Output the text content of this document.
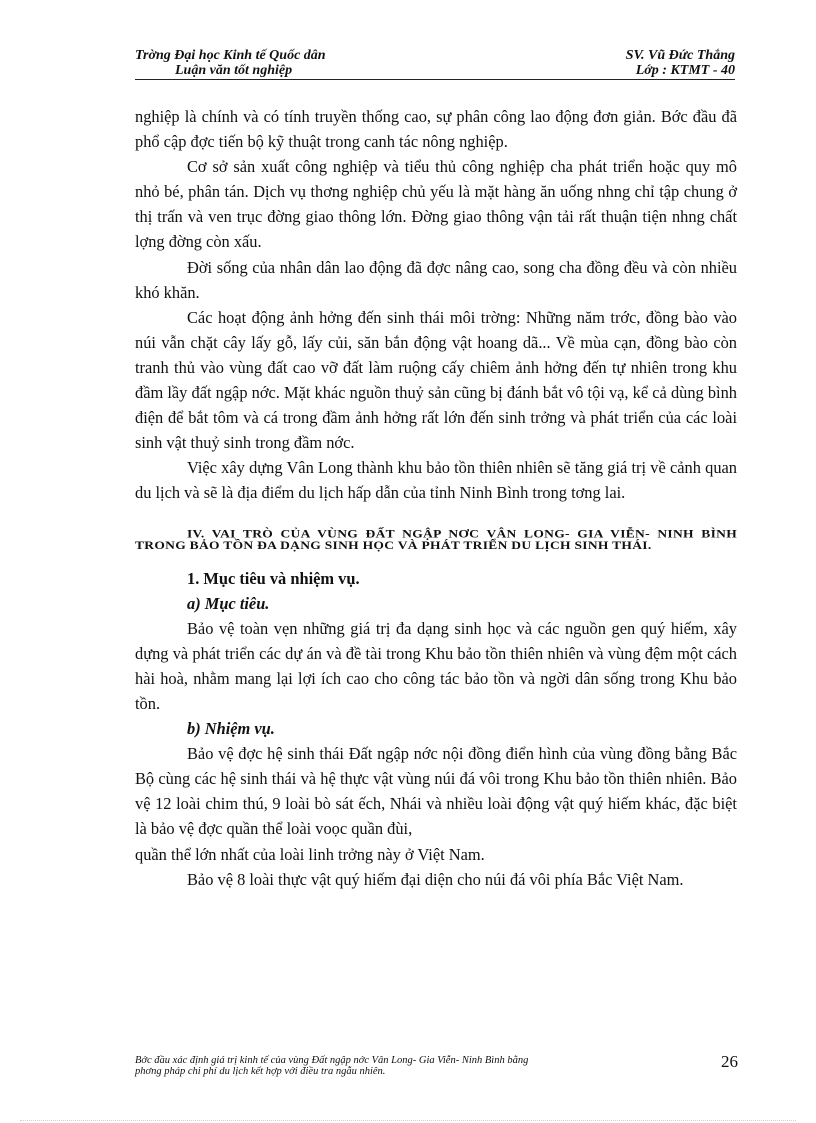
Trờng Đại học Kinh tế Quốc dân
Luận văn tốt nghiệp
SV. Vũ Đức Thắng
Lớp : KTMT - 40

nghiệp là chính và có tính truyền thống cao, sự phân công lao động đơn giản. Bớc đầu đã phổ cập đợc tiến bộ kỹ thuật trong canh tác nông nghiệp.

Cơ sở sản xuất công nghiệp và tiểu thủ công nghiệp cha phát triển hoặc quy mô nhỏ bé, phân tán. Dịch vụ thơng nghiệp chủ yếu là mặt hàng ăn uống nhng chỉ tập chung ở thị trấn và ven trục đờng giao thông lớn. Đờng giao thông vận tải rất thuận tiện nhng chất lợng đờng còn xấu.

Đời sống của nhân dân lao động đã đợc nâng cao, song cha đồng đều và còn nhiều khó khăn.

Các hoạt động ảnh hởng đến sinh thái môi trờng: Những năm trớc, đồng bào vào núi vẫn chặt cây lấy gỗ, lấy củi, săn bắn động vật hoang dã... Về mùa cạn, đồng bào còn tranh thủ vào vùng đất cao vỡ đất làm ruộng cấy chiêm ảnh hởng đến tự nhiên trong khu đầm lầy đất ngập nớc. Mặt khác nguồn thuỷ sản cũng bị đánh bắt vô tội vạ, kể cả dùng bình điện để bắt tôm và cá trong đầm ảnh hởng rất lớn đến sinh trởng và phát triển của các loài sinh vật thuỷ sinh trong đầm nớc.

Việc xây dựng Vân Long thành khu bảo tồn thiên nhiên sẽ tăng giá trị về cảnh quan du lịch và sẽ là địa điểm du lịch hấp dẫn của tỉnh Ninh Bình trong tơng lai.

IV. VAI TRÒ CỦA VÙNG ĐẤT NGẬP NƠC VÂN LONG- GIA VIỄN- NINH BÌNH TRONG BẢO TỒN ĐA DẠNG SINH HỌC VÀ PHÁT TRIỂN DU LỊCH SINH THÁI.

1. Mục tiêu và nhiệm vụ.

a) Mục tiêu.

Bảo vệ toàn vẹn những giá trị đa dạng sinh học và các nguồn gen quý hiếm, xây dựng và phát triển các dự án và đề tài trong Khu bảo tồn thiên nhiên và vùng đệm một cách hài hoà, nhằm mang lại lợi ích cao cho công tác bảo tồn và ngời dân sống trong Khu bảo tồn.

b) Nhiệm vụ.

Bảo vệ đợc hệ sinh thái Đất ngập nớc nội đồng điển hình của vùng đồng bằng Bắc Bộ cùng các hệ sinh thái và hệ thực vật vùng núi đá vôi trong Khu bảo tồn thiên nhiên. Bảo vệ 12 loài chim thú, 9 loài bò sát ếch, Nhái và nhiều loài động vật quý hiếm khác, đặc biệt là bảo vệ đợc quần thể loài voọc quần đùi,

quần thể lớn nhất của loài linh trởng này ở Việt Nam.

Bảo vệ 8 loài thực vật quý hiếm đại diện cho núi đá vôi phía Bắc Việt Nam.

Bớc đầu xác định giá trị kinh tế của vùng Đất ngập nớc Vân Long- Gia Viễn- Ninh Bình bằng
phơng pháp chi phí du lịch kết hợp với điều tra ngẫu nhiên.
26
